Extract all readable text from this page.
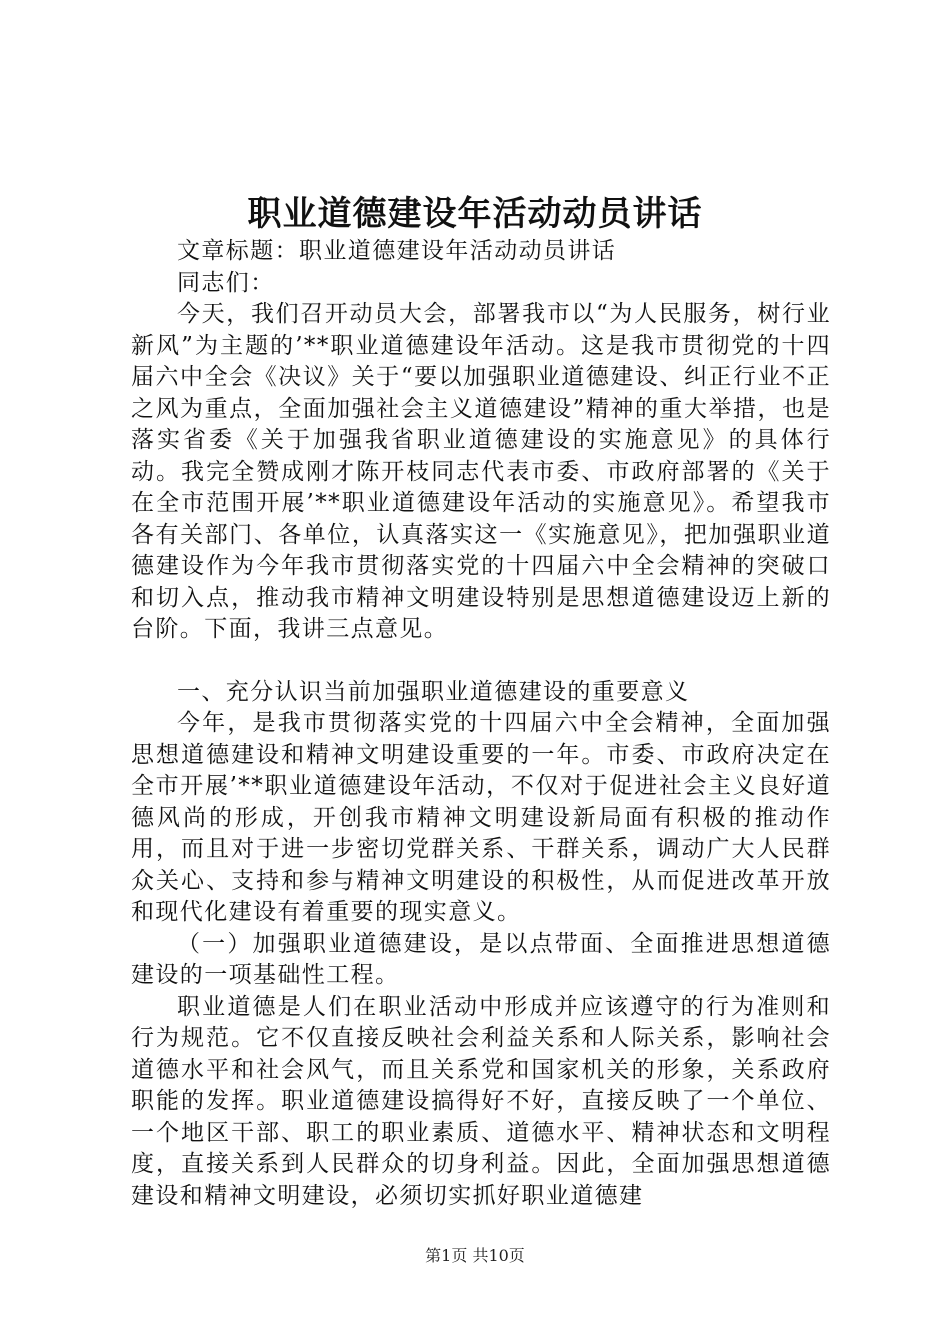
职业道德建设年活动动员讲话

文章标题：职业道德建设年活动动员讲话

同志们：

今天，我们召开动员大会，部署我市以“为人民服务，树行业新风”为主题的’**职业道德建设年活动。这是我市贯彻党的十四届六中全会《决议》关于“要以加强职业道德建设、纠正行业不正之风为重点，全面加强社会主义道德建设”精神的重大举措，也是落实省委《关于加强我省职业道德建设的实施意见》的具体行动。我完全赞成刚才陈开枝同志代表市委、市政府部署的《关于在全市范围开展’**职业道德建设年活动的实施意见》。希望我市各有关部门、各单位，认真落实这一《实施意见》，把加强职业道德建设作为今年我市贯彻落实党的十四届六中全会精神的突破口和切入点，推动我市精神文明建设特别是思想道德建设迈上新的台阶。下面，我讲三点意见。

一、充分认识当前加强职业道德建设的重要意义

今年，是我市贯彻落实党的十四届六中全会精神，全面加强思想道德建设和精神文明建设重要的一年。市委、市政府决定在全市开展’**职业道德建设年活动，不仅对于促进社会主义良好道德风尚的形成，开创我市精神文明建设新局面有积极的推动作用，而且对于进一步密切党群关系、干群关系，调动广大人民群众关心、支持和参与精神文明建设的积极性，从而促进改革开放和现代化建设有着重要的现实意义。

（一）加强职业道德建设，是以点带面、全面推进思想道德建设的一项基础性工程。

职业道德是人们在职业活动中形成并应该遵守的行为准则和行为规范。它不仅直接反映社会利益关系和人际关系，影响社会道德水平和社会风气，而且关系党和国家机关的形象，关系政府职能的发挥。职业道德建设搞得好不好，直接反映了一个单位、一个地区干部、职工的职业素质、道德水平、精神状态和文明程度，直接关系到人民群众的切身利益。因此，全面加强思想道德建设和精神文明建设，必须切实抓好职业道德建

第1页 共10页
